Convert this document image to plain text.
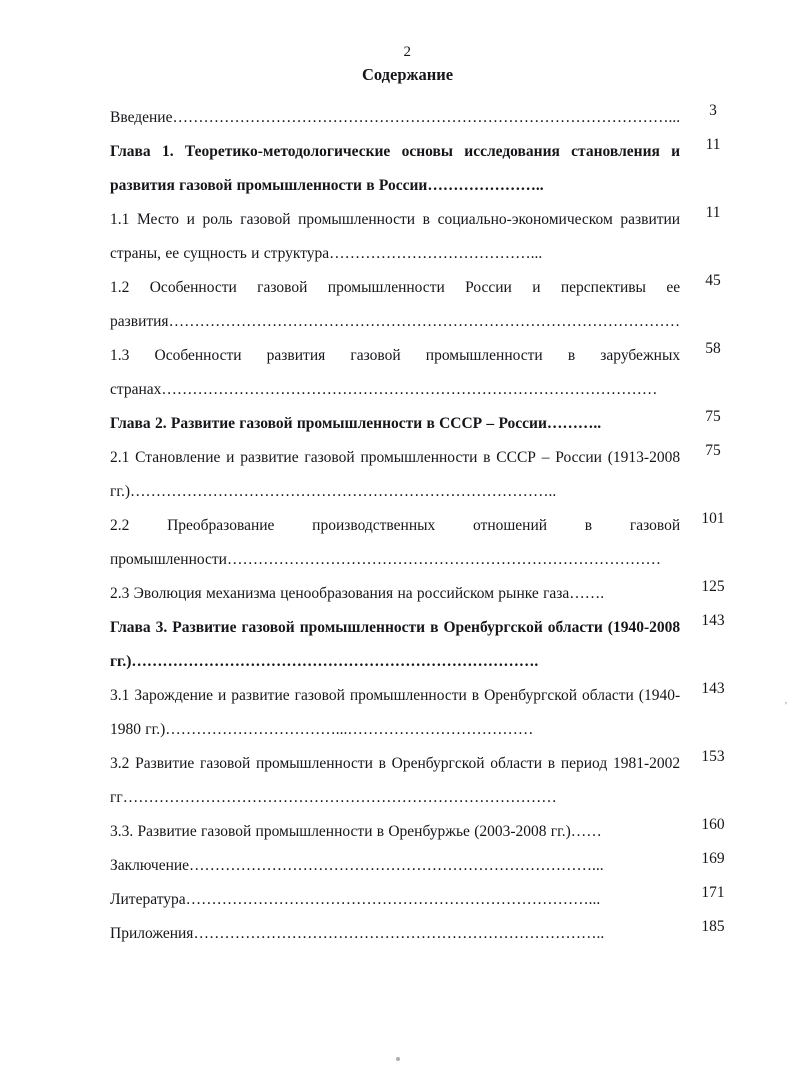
2
Содержание
Введение……………………………………………………………………………………...	3

Глава 1. Теоретико-методологические основы исследования становления и развития газовой промышленности в России…………………..	11

1.1 Место и роль газовой промышленности в социально-экономическом развитии страны, ее сущность и структура…………………………………...	11

1.2 Особенности газовой промышленности России и перспективы ее развития………………………………………………………………………………………	45

1.3 Особенности развития газовой промышленности в зарубежных странах……………………………………………………………………………………	58

Глава 2. Развитие газовой промышленности в СССР – России………..	75

2.1 Становление и развитие газовой промышленности в СССР – России (1913-2008 гг.)………………………………………………………………………..	75

2.2 Преобразование производственных отношений в газовой промышленности…………………………………………………………………………	101

2.3 Эволюция механизма ценообразования на российском рынке газа…….	125

Глава 3. Развитие газовой промышленности в Оренбургской области (1940-2008 гг.)…………………………………………………………………….	143

3.1 Зарождение и развитие газовой промышленности в Оренбургской области (1940-1980 гг.)……………………………...………………………………	143

3.2 Развитие газовой промышленности в Оренбургской области в период 1981-2002 гг…………………………………………………………………………	153

3.3. Развитие газовой промышленности в Оренбуржье (2003-2008 гг.)……	160

Заключение……………………………………………………………………...	169

Литература……………………………………………………………………...	171

Приложения……………………………………………………………………..	185
'
